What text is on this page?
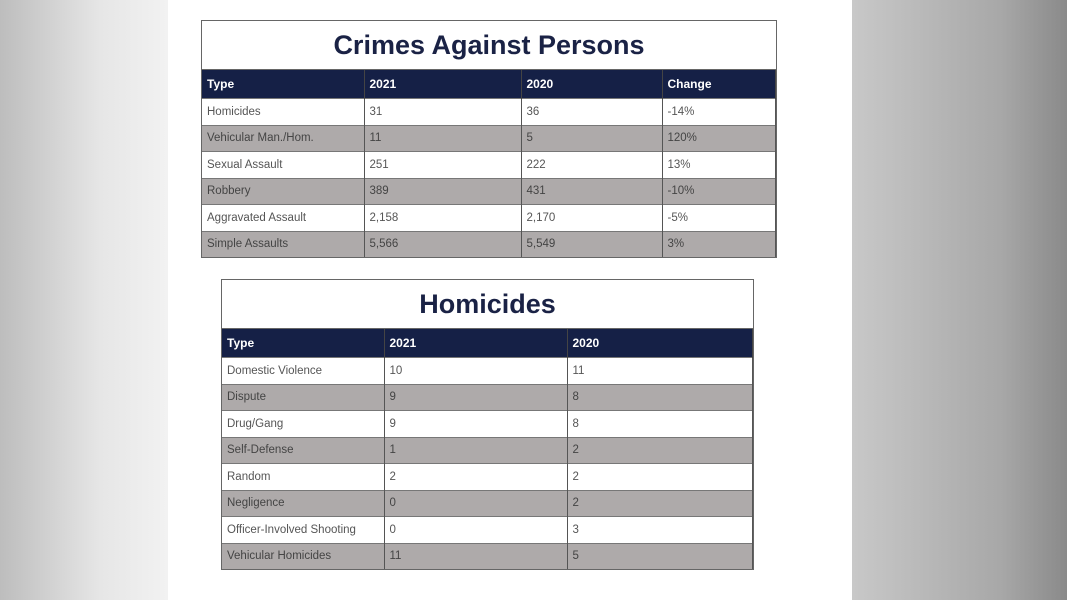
Crimes Against Persons
Type	2021	2020	Change
Homicides	31	36	-14%
Vehicular Man./Hom.	11	5	120%
Sexual Assault	251	222	13%
Robbery	389	431	-10%
Aggravated Assault	2,158	2,170	-5%
Simple Assaults	5,566	5,549	3%
Homicides
Type	2021	2020
Domestic Violence	10	11
Dispute	9	8
Drug/Gang	9	8
Self-Defense	1	2
Random	2	2
Negligence	0	2
Officer-Involved Shooting	0	3
Vehicular Homicides	11	5
